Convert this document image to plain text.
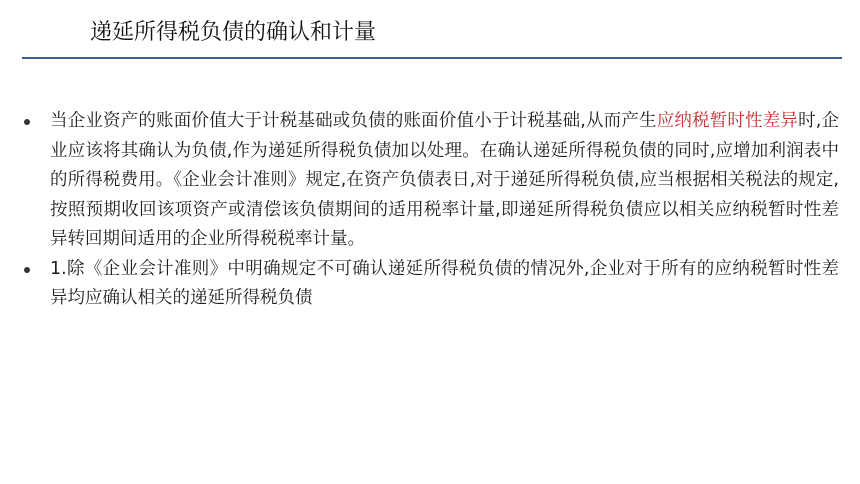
递延所得税负债的确认和计量
当企业资产的账面价值大于计税基础或负债的账面价值小于计税基础,从而产生应纳税暂时性差异时,企业应该将其确认为负债,作为递延所得税负债加以处理。在确认递延所得税负债的同时,应增加利润表中的所得税费用。《企业会计准则》规定,在资产负债表日,对于递延所得税负债,应当根据相关税法的规定,按照预期收回该项资产或清偿该负债期间的适用税率计量,即递延所得税负债应以相关应纳税暂时性差异转回期间适用的企业所得税税率计量。
1.除《企业会计准则》中明确规定不可确认递延所得税负债的情况外,企业对于所有的应纳税暂时性差异均应确认相关的递延所得税负债
